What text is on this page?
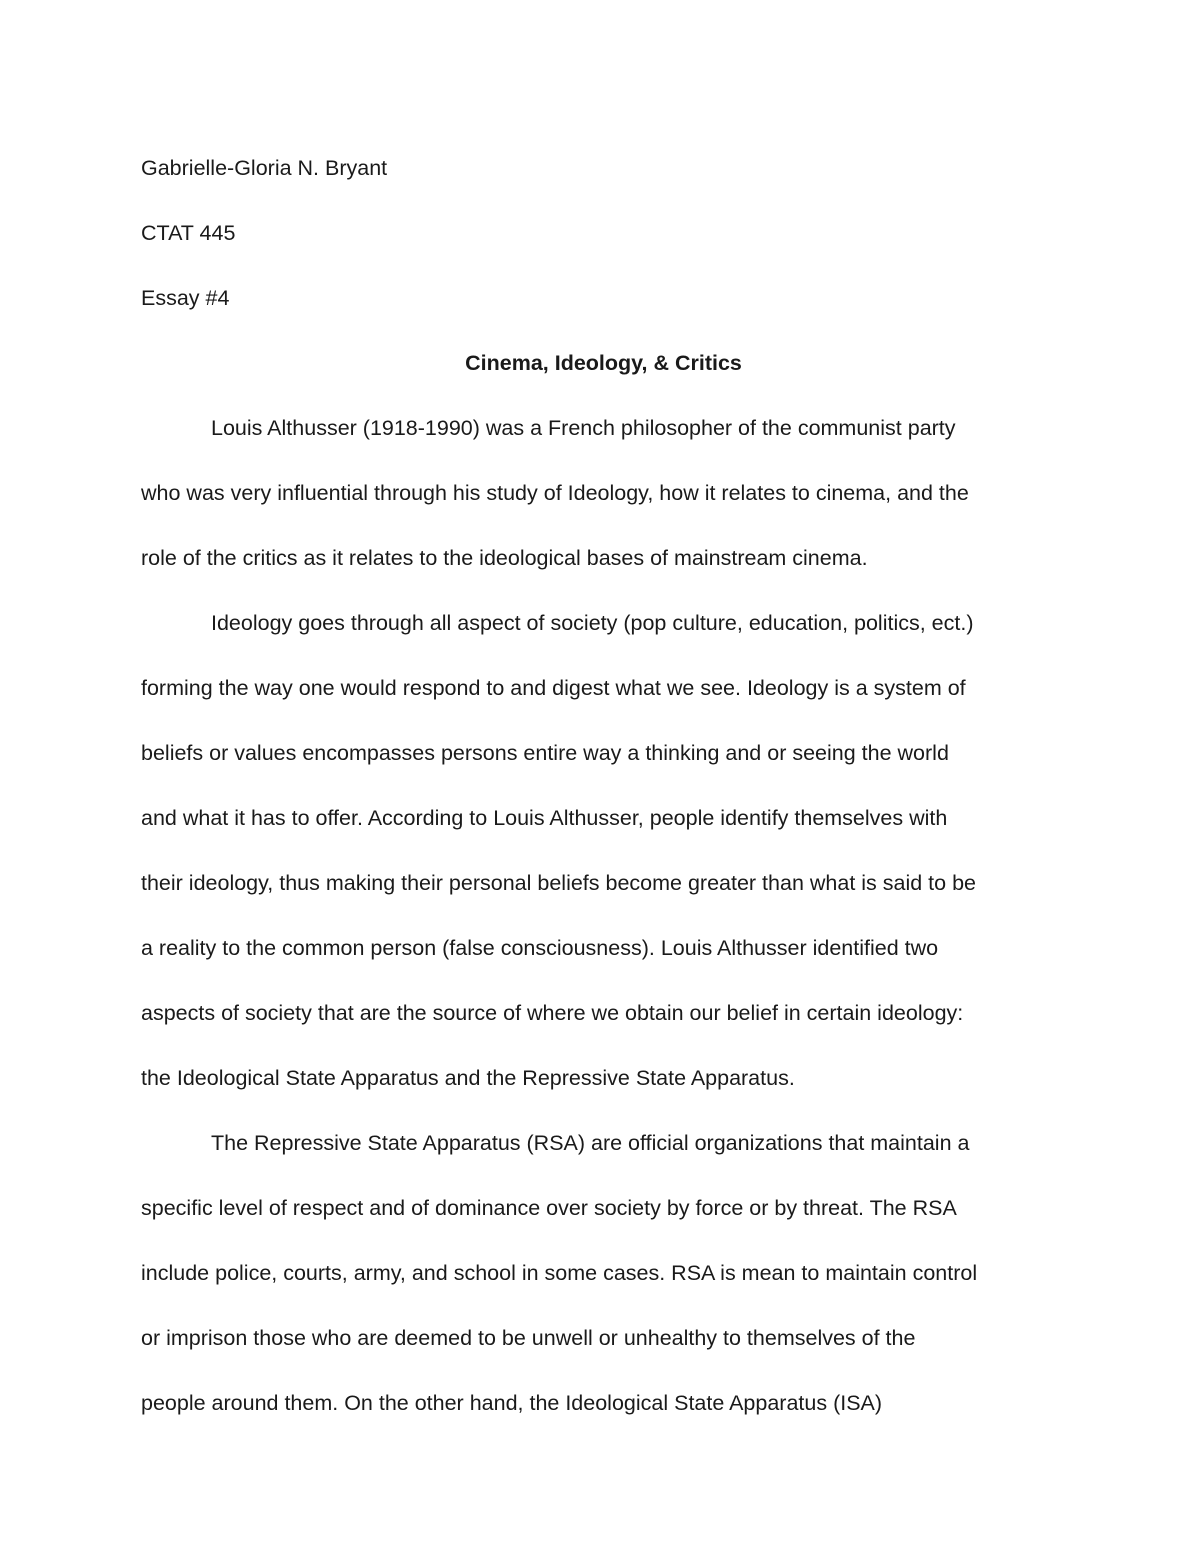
Gabrielle-Gloria N. Bryant
CTAT 445
Essay #4
Cinema, Ideology, & Critics
Louis Althusser (1918-1990) was a French philosopher of the communist party
who was very influential through his study of Ideology, how it relates to cinema, and the
role of the critics as it relates to the ideological bases of mainstream cinema.
Ideology goes through all aspect of society (pop culture, education, politics, ect.)
forming the way one would respond to and digest what we see. Ideology is a system of
beliefs or values encompasses persons entire way a thinking and or seeing the world
and what it has to offer. According to Louis Althusser, people identify themselves with
their ideology, thus making their personal beliefs become greater than what is said to be
a reality to the common person (false consciousness). Louis Althusser identified two
aspects of society that are the source of where we obtain our belief in certain ideology:
the Ideological State Apparatus and the Repressive State Apparatus.
The Repressive State Apparatus (RSA) are official organizations that maintain a
specific level of respect and of dominance over society by force or by threat. The RSA
include police, courts, army, and school in some cases. RSA is mean to maintain control
or imprison those who are deemed to be unwell or unhealthy to themselves of the
people around them. On the other hand, the Ideological State Apparatus (ISA)
